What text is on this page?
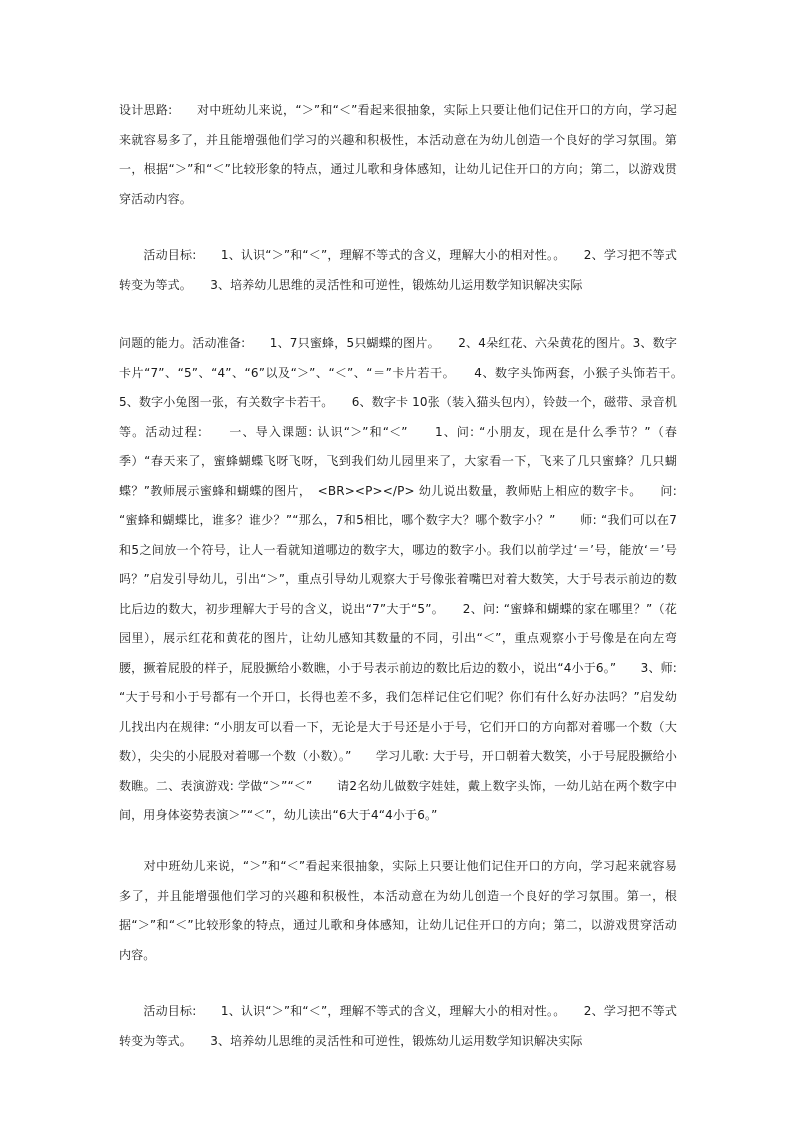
设计思路:　　对中班幼儿来说，“＞”和“＜”看起来很抽象，实际上只要让他们记住开口的方向，学习起来就容易多了，并且能增强他们学习的兴趣和积极性，本活动意在为幼儿创造一个良好的学习氛围。第一，根据“＞”和“＜”比较形象的特点，通过儿歌和身体感知，让幼儿记住开口的方向；第二，以游戏贯穿活动内容。

　　活动目标:　　1、认识“＞”和“＜”，理解不等式的含义，理解大小的相对性。。　　2、学习把不等式转变为等式。　　3、培养幼儿思维的灵活性和可逆性，锻炼幼儿运用数学知识解决实际

问题的能力。活动准备:　　1、7只蜜蜂，5只蝴蝶的图片。　　2、4朵红花、六朵黄花的图片。3、数字卡片“7”、“5”、“4”、“6”以及“＞”、“＜”、“＝”卡片若干。　　4、数字头饰两套，小猴子头饰若干。　　5、数字小兔图一张，有关数字卡若干。　　6、数字卡 10张（装入猫头包内），铃鼓一个，磁带、录音机等。活动过程:　　一、导入课题: 认识“＞”和“＜”　　1、问: “小朋友，现在是什么季节？”（春季）“春天来了，蜜蜂蝴蝶飞呀飞呀，飞到我们幼儿园里来了，大家看一下，飞来了几只蜜蜂？几只蝴蝶？”教师展示蜜蜂和蝴蝶的图片，　<BR><P></P> 幼儿说出数量，教师贴上相应的数字卡。　　问: “蜜蜂和蝴蝶比，谁多？谁少？”“那么，7和5相比，哪个数字大？哪个数字小？”　　师: “我们可以在7和5之间放一个符号，让人一看就知道哪边的数字大，哪边的数字小。我们以前学过‘＝’号，能放‘＝’号吗？”启发引导幼儿，引出“＞”，重点引导幼儿观察大于号像张着嘴巴对着大数笑，大于号表示前边的数比后边的数大，初步理解大于号的含义，说出“7”大于“5”。　　2、问: “蜜蜂和蝴蝶的家在哪里？”（花园里），展示红花和黄花的图片，让幼儿感知其数量的不同，引出“＜”，重点观察小于号像是在向左弯腰，撅着屁股的样子，屁股撅给小数瞧，小于号表示前边的数比后边的数小，说出“4小于6。”　　3、师: “大于号和小于号都有一个开口，长得也差不多，我们怎样记住它们呢？你们有什么好办法吗？”启发幼儿找出内在规律: “小朋友可以看一下，无论是大于号还是小于号，它们开口的方向都对着哪一个数（大数），尖尖的小屁股对着哪一个数（小数）。”　　学习儿歌: 大于号，开口朝着大数笑，小于号屁股撅给小数瞧。二、表演游戏: 学做“＞”“＜”　　请2名幼儿做数字娃娃，戴上数字头饰，一幼儿站在两个数字中间，用身体姿势表演＞”“＜”，幼儿读出“6大于4“4小于6。”

　　对中班幼儿来说，“＞”和“＜”看起来很抽象，实际上只要让他们记住开口的方向，学习起来就容易多了，并且能增强他们学习的兴趣和积极性，本活动意在为幼儿创造一个良好的学习氛围。第一，根据“＞”和“＜”比较形象的特点，通过儿歌和身体感知，让幼儿记住开口的方向；第二，以游戏贯穿活动内容。

　　活动目标:　　1、认识“＞”和“＜”，理解不等式的含义，理解大小的相对性。。　　2、学习把不等式转变为等式。　　3、培养幼儿思维的灵活性和可逆性，锻炼幼儿运用数学知识解决实际
